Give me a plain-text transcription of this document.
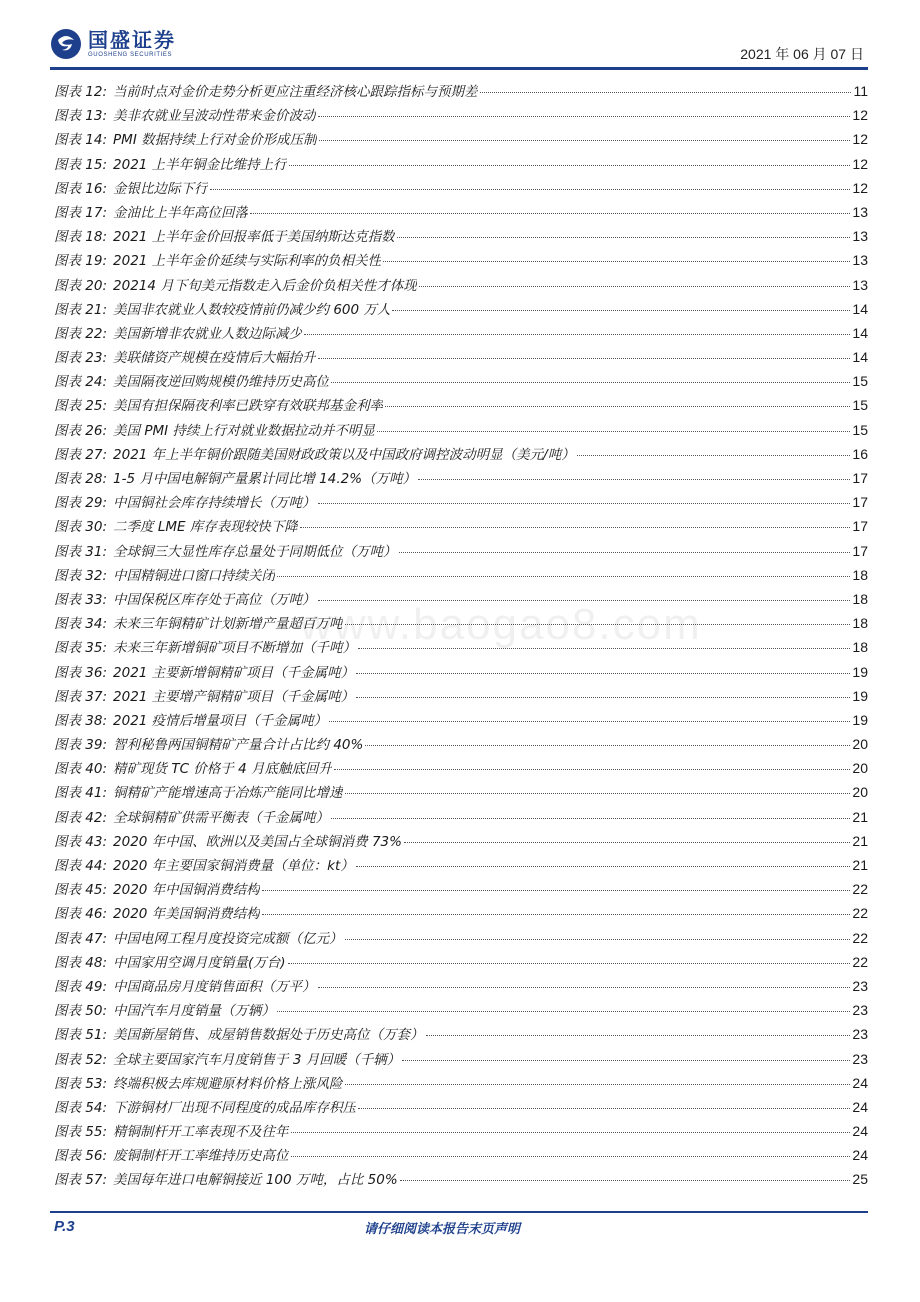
国盛证券
GUOSHENG SECURITIES	2021 年 06 月 07 日
图表 12: 当前时点对金价走势分析更应注重经济核心跟踪指标与预期差	11
图表 13: 美非农就业呈波动性带来金价波动	12
图表 14: PMI 数据持续上行对金价形成压制	12
图表 15: 2021 上半年铜金比维持上行	12
图表 16: 金银比边际下行	12
图表 17: 金油比上半年高位回落	13
图表 18: 2021 上半年金价回报率低于美国纳斯达克指数	13
图表 19: 2021 上半年金价延续与实际利率的负相关性	13
图表 20: 20214 月下旬美元指数走入后金价负相关性才体现	13
图表 21: 美国非农就业人数较疫情前仍减少约 600 万人	14
图表 22: 美国新增非农就业人数边际减少	14
图表 23: 美联储资产规模在疫情后大幅抬升	14
图表 24: 美国隔夜逆回购规模仍维持历史高位	15
图表 25: 美国有担保隔夜利率已跌穿有效联邦基金利率	15
图表 26: 美国 PMI 持续上行对就业数据拉动并不明显	15
图表 27: 2021 年上半年铜价跟随美国财政政策以及中国政府调控波动明显（美元/吨）	16
图表 28: 1-5 月中国电解铜产量累计同比增 14.2%（万吨）	17
图表 29: 中国铜社会库存持续增长（万吨）	17
图表 30: 二季度 LME 库存表现较快下降	17
图表 31: 全球铜三大显性库存总量处于同期低位（万吨）	17
图表 32: 中国精铜进口窗口持续关闭	18
图表 33: 中国保税区库存处于高位（万吨）	18
图表 34: 未来三年铜精矿计划新增产量超百万吨	18
图表 35: 未来三年新增铜矿项目不断增加（千吨）	18
图表 36: 2021 主要新增铜精矿项目（千金属吨）	19
图表 37: 2021 主要增产铜精矿项目（千金属吨）	19
图表 38: 2021 疫情后增量项目（千金属吨）	19
图表 39: 智利秘鲁两国铜精矿产量合计占比约 40%	20
图表 40: 精矿现货 TC 价格于 4 月底触底回升	20
图表 41: 铜精矿产能增速高于冶炼产能同比增速	20
图表 42: 全球铜精矿供需平衡表（千金属吨）	21
图表 43: 2020 年中国、欧洲以及美国占全球铜消费 73%	21
图表 44: 2020 年主要国家铜消费量（单位：kt）	21
图表 45: 2020 年中国铜消费结构	22
图表 46: 2020 年美国铜消费结构	22
图表 47: 中国电网工程月度投资完成额（亿元）	22
图表 48: 中国家用空调月度销量(万台)	22
图表 49: 中国商品房月度销售面积（万平）	23
图表 50: 中国汽车月度销量（万辆）	23
图表 51: 美国新屋销售、成屋销售数据处于历史高位（万套）	23
图表 52: 全球主要国家汽车月度销售于 3 月回暖（千辆）	23
图表 53: 终端积极去库规避原材料价格上涨风险	24
图表 54: 下游铜材厂出现不同程度的成品库存积压	24
图表 55: 精铜制杆开工率表现不及往年	24
图表 56: 废铜制杆开工率维持历史高位	24
图表 57: 美国每年进口电解铜接近 100 万吨，占比 50%	25
www.baogao8.com
P.3	请仔细阅读本报告末页声明
